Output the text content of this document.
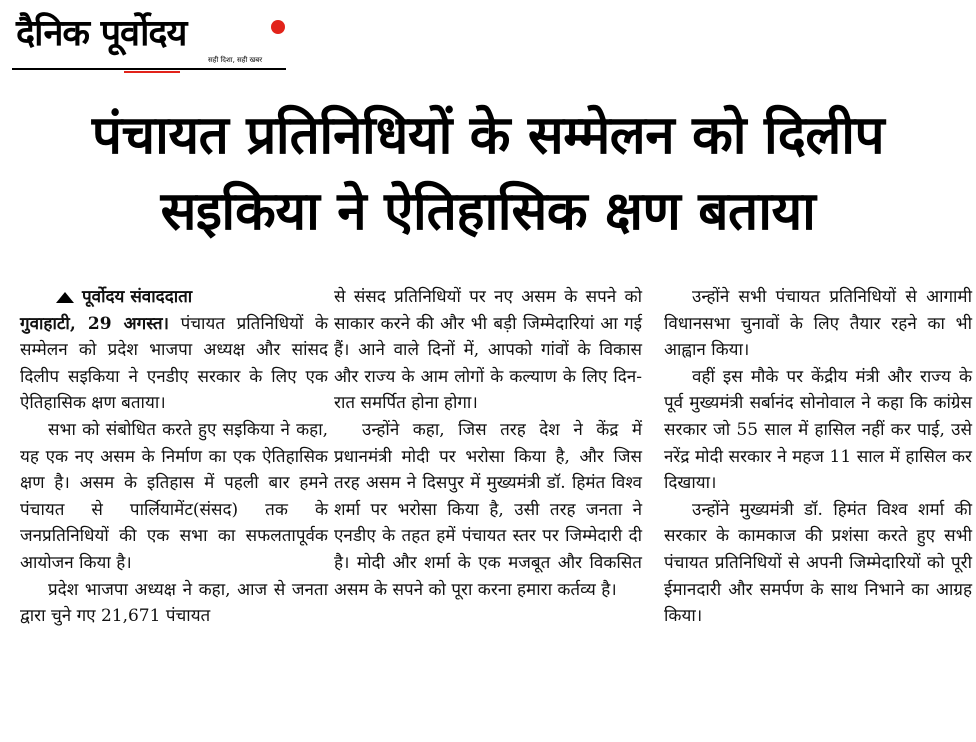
दैनिक पूर्वोदय
सही दिशा, सही खबर
पंचायत प्रतिनिधियों के सम्मेलन को दिलीप
सइकिया ने ऐतिहासिक क्षण बताया
पूर्वोदय संवाददाता

गुवाहाटी, 29 अगस्त। पंचायत प्रतिनिधियों के सम्मेलन को प्रदेश भाजपा अध्यक्ष और सांसद दिलीप सइकिया ने एनडीए सरकार के लिए एक ऐतिहासिक क्षण बताया।

सभा को संबोधित करते हुए सइकिया ने कहा, यह एक नए असम के निर्माण का एक ऐतिहासिक क्षण है। असम के इतिहास में पहली बार हमने पंचायत से पार्लियामेंट(संसद) तक के जनप्रतिनिधियों की एक सभा का सफलतापूर्वक आयोजन किया है।

प्रदेश भाजपा अध्यक्ष ने कहा, आज से जनता द्वारा चुने गए 21,671 पंचायत

से संसद प्रतिनिधियों पर नए असम के सपने को साकार करने की और भी बड़ी जिम्मेदारियां आ गई हैं। आने वाले दिनों में, आपको गांवों के विकास और राज्य के आम लोगों के कल्याण के लिए दिन-रात समर्पित होना होगा।

उन्होंने कहा, जिस तरह देश ने केंद्र में प्रधानमंत्री मोदी पर भरोसा किया है, और जिस तरह असम ने दिसपुर में मुख्यमंत्री डॉ. हिमंत विश्व शर्मा पर भरोसा किया है, उसी तरह जनता ने एनडीए के तहत हमें पंचायत स्तर पर जिम्मेदारी दी है। मोदी और शर्मा के एक मजबूत और विकसित असम के सपने को पूरा करना हमारा कर्तव्य है।

उन्होंने सभी पंचायत प्रतिनिधियों से आगामी विधानसभा चुनावों के लिए तैयार रहने का भी आह्वान किया।

वहीं इस मौके पर केंद्रीय मंत्री और राज्य के पूर्व मुख्यमंत्री सर्बानंद सोनोवाल ने कहा कि कांग्रेस सरकार जो 55 साल में हासिल नहीं कर पाई, उसे नरेंद्र मोदी सरकार ने महज 11 साल में हासिल कर दिखाया।

उन्होंने मुख्यमंत्री डॉ. हिमंत विश्व शर्मा की सरकार के कामकाज की प्रशंसा करते हुए सभी पंचायत प्रतिनिधियों से अपनी जिम्मेदारियों को पूरी ईमानदारी और समर्पण के साथ निभाने का आग्रह किया।
